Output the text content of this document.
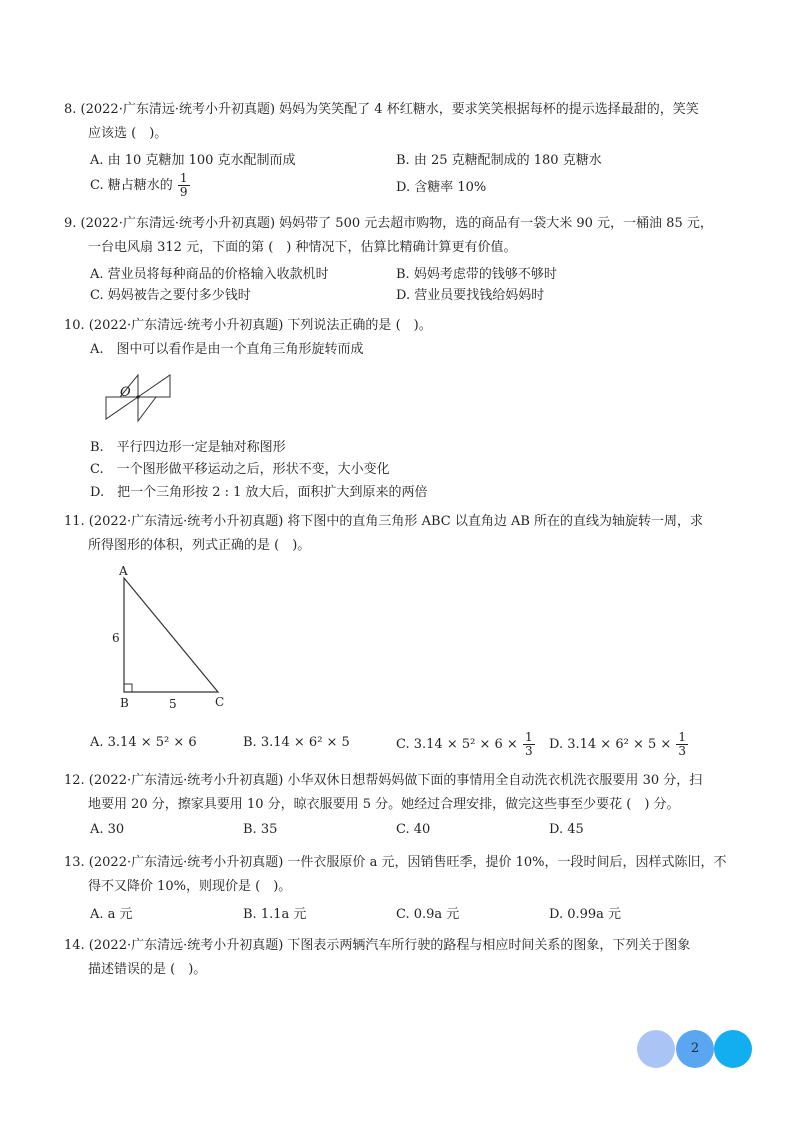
8. (2022·广东清远·统考小升初真题) 妈妈为笑笑配了 4 杯红糖水，要求笑笑根据每杯的提示选择最甜的，笑笑
应该选 (　)。
A. 由 10 克糖加 100 克水配制而成	B. 由 25 克糖配制成的 180 克糖水
C. 糖占糖水的 $\frac{1}{9}$	D. 含糖率 10%
9. (2022·广东清远·统考小升初真题) 妈妈带了 500 元去超市购物，选的商品有一袋大米 90 元，一桶油 85 元，
一台电风扇 312 元，下面的第 (　) 种情况下，估算比精确计算更有价值。
A. 营业员将每种商品的价格输入收款机时	B. 妈妈考虑带的钱够不够时
C. 妈妈被告之要付多少钱时	D. 营业员要找钱给妈妈时
10. (2022·广东清远·统考小升初真题) 下列说法正确的是 (　)。
A.　图中可以看作是由一个直角三角形旋转而成
O
B.　平行四边形一定是轴对称图形
C.　一个图形做平移运动之后，形状不变，大小变化
D.　把一个三角形按 2 : 1 放大后，面积扩大到原来的两倍
11. (2022·广东清远·统考小升初真题) 将下图中的直角三角形 ABC 以直角边 AB 所在的直线为轴旋转一周，求
所得图形的体积，列式正确的是 (　)。
A
B	C
6
5
A. 3.14 × 5² × 6	B. 3.14 × 6² × 5	C. $3.14 \times 5^2 \times 6 \times \frac{1}{3} D$. $3.14 \times 6^2 \times 5 \times \frac{1}{3}$
12. (2022·广东清远·统考小升初真题) 小华双休日想帮妈妈做下面的事情用全自动洗衣机洗衣服要用 30 分，扫
地要用 20 分，擦家具要用 10 分，晾衣服要用 5 分。她经过合理安排，做完这些事至少要花 (　) 分。
A. 30	B. 35	C. 40	D. 45
13. (2022·广东清远·统考小升初真题) 一件衣服原价 a 元，因销售旺季，提价 10%，一段时间后，因样式陈旧，不
得不又降价 10%，则现价是 (　)。
A. a 元	B. 1.1a 元	C. 0.9a 元	D. 0.99a 元
14. (2022·广东清远·统考小升初真题) 下图表示两辆汽车所行驶的路程与相应时间关系的图象，下列关于图象
描述错误的是 (　)。
2
